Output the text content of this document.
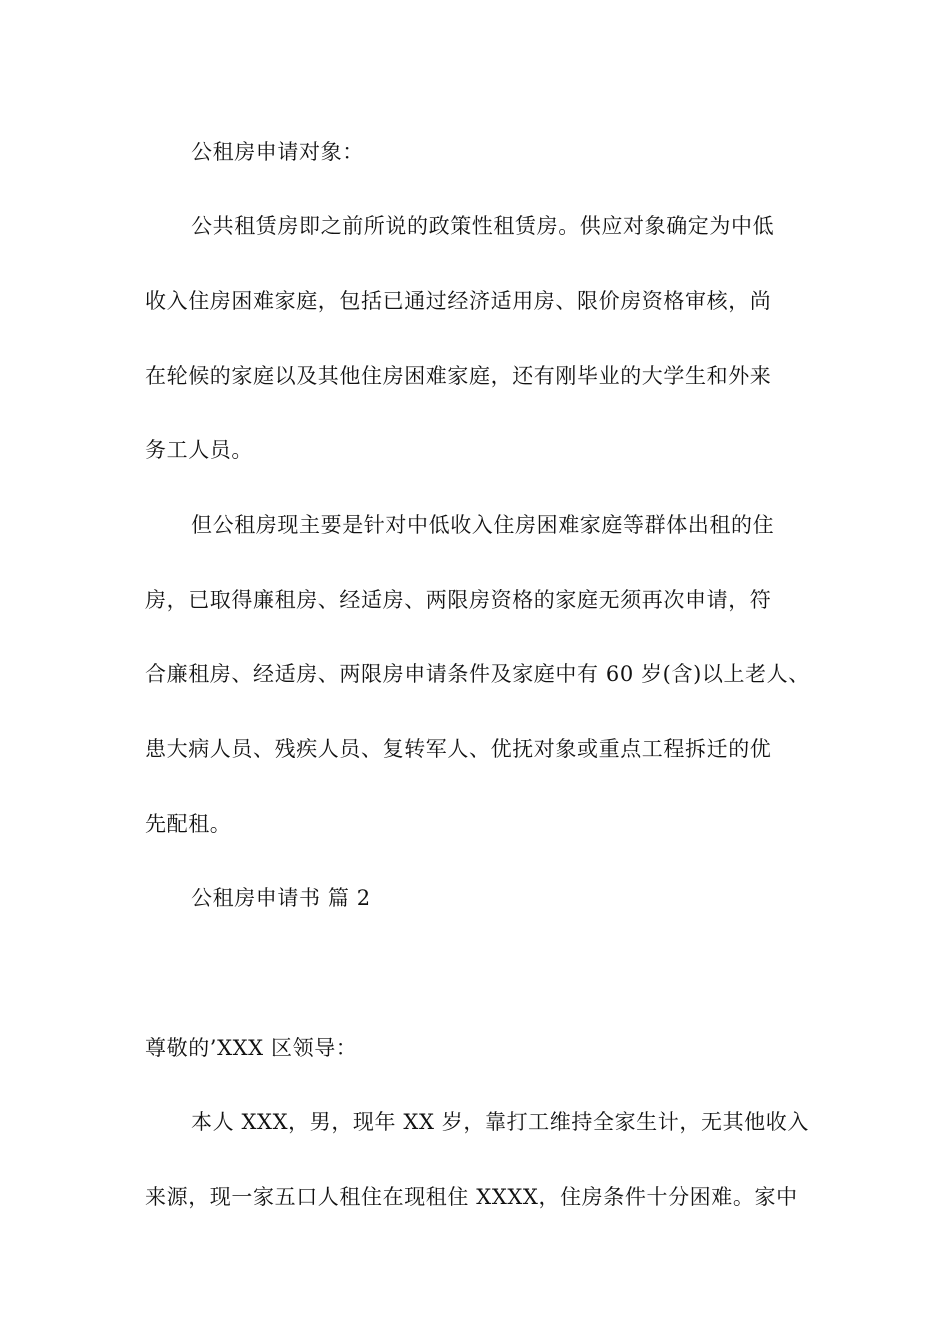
公租房申请对象：
公共租赁房即之前所说的政策性租赁房。供应对象确定为中低
收入住房困难家庭，包括已通过经济适用房、限价房资格审核，尚
在轮候的家庭以及其他住房困难家庭，还有刚毕业的大学生和外来
务工人员。
但公租房现主要是针对中低收入住房困难家庭等群体出租的住
房，已取得廉租房、经适房、两限房资格的家庭无须再次申请，符
合廉租房、经适房、两限房申请条件及家庭中有 60 岁(含)以上老人、
患大病人员、残疾人员、复转军人、优抚对象或重点工程拆迁的优
先配租。
公租房申请书 篇 2
尊敬的’XXX 区领导：
本人 XXX，男，现年 XX 岁，靠打工维持全家生计，无其他收入
来源，现一家五口人租住在现租住 XXXX，住房条件十分困难。家中
